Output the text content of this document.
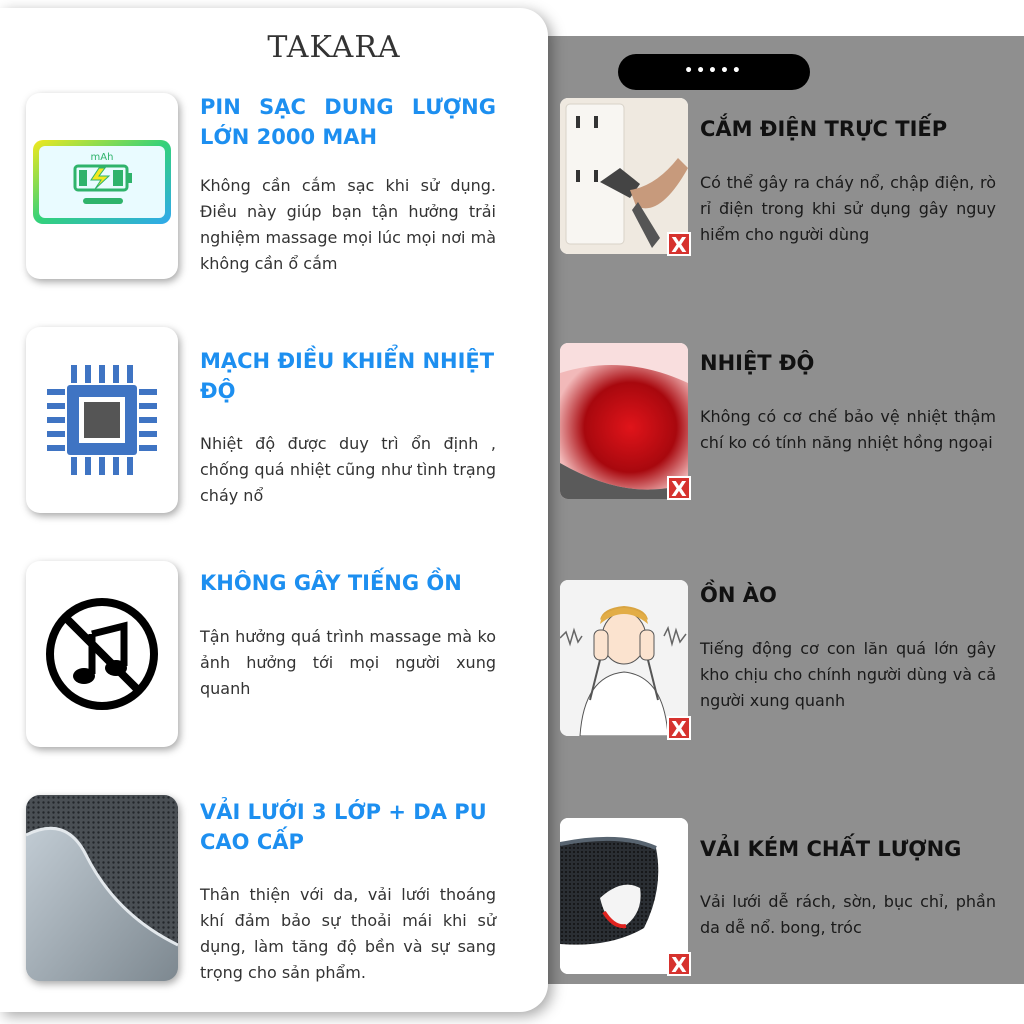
•••••
TAKARA
mAh
PIN SẠC DUNG LƯỢNG LỚN 2000 MAH
Không cần cắm sạc khi sử dụng. Điều này giúp bạn tận hưởng trải nghiệm massage mọi lúc mọi nơi mà không cần ổ cắm
MẠCH ĐIỀU KHIỂN NHIỆT ĐỘ
Nhiệt độ được duy trì ổn định , chống quá nhiệt cũng như tình trạng cháy nổ
KHÔNG GÂY TIẾNG ỒN
Tận hưởng quá trình massage mà ko ảnh hưởng tới mọi người xung quanh
VẢI LƯỚI 3 LỚP + DA PU CAO CẤP
Thân thiện với da, vải lưới thoáng khí đảm bảo sự thoải mái khi sử dụng, làm tăng độ bền và sự sang trọng cho sản phẩm.
X
CẮM ĐIỆN TRỰC TIẾP
Có thể gây ra cháy nổ, chập điện, rò rỉ điện trong khi sử dụng gây nguy hiểm cho người dùng
X
NHIỆT ĐỘ
Không có cơ chế bảo vệ nhiệt thậm chí ko có tính năng nhiệt hồng ngoại
X
ỒN ÀO
Tiếng động cơ con lăn quá lớn gây kho chịu cho chính người dùng và cả người xung quanh
X
VẢI KÉM CHẤT LƯỢNG
Vải lưới dễ rách, sờn, bục chỉ, phần da dễ nổ. bong, tróc
